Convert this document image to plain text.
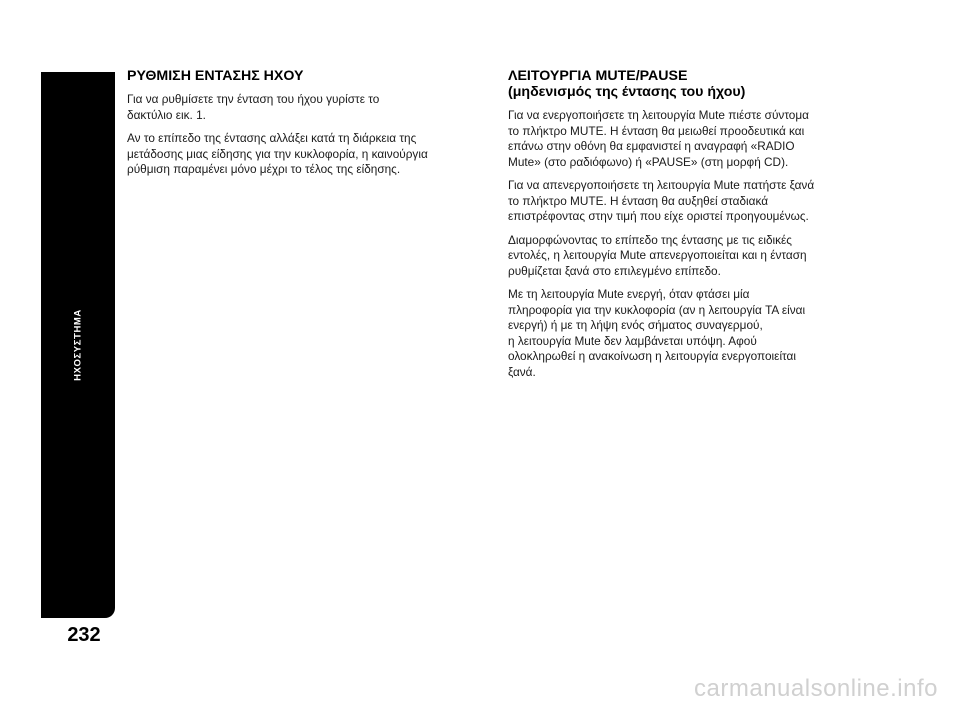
ΗΧΟΣΥΣΤΗΜΑ
232
ΡΥΘΜΙΣΗ ΕΝΤΑΣΗΣ ΗΧΟΥ

Για να ρυθμίσετε την ένταση του ήχου γυρίστε το
δακτύλιο εικ. 1.

Αν το επίπεδο της έντασης αλλάξει κατά τη διάρκεια της
μετάδοσης μιας είδησης για την κυκλοφορία, η καινούργια
ρύθμιση παραμένει μόνο μέχρι το τέλος της είδησης.

ΛΕΙΤΟΥΡΓΙΑ MUTE/PAUSE
(μηδενισμός της έντασης του ήχου)

Για να ενεργοποιήσετε τη λειτουργία Mute πιέστε σύντομα
το πλήκτρο MUTE. Η ένταση θα μειωθεί προοδευτικά και
επάνω στην οθόνη θα εμφανιστεί η αναγραφή «RADIO
Mute» (στο ραδιόφωνο) ή «PAUSE» (στη μορφή CD).

Για να απενεργοποιήσετε τη λειτουργία Mute πατήστε ξανά
το πλήκτρο MUTE. Η ένταση θα αυξηθεί σταδιακά
επιστρέφοντας στην τιμή που είχε οριστεί προηγουμένως.

Διαμορφώνοντας το επίπεδο της έντασης με τις ειδικές
εντολές, η λειτουργία Mute απενεργοποιείται και η ένταση
ρυθμίζεται ξανά στο επιλεγμένο επίπεδο.

Με τη λειτουργία Mute ενεργή, όταν φτάσει μία
πληροφορία για την κυκλοφορία (αν η λειτουργία TA είναι
ενεργή) ή με τη λήψη ενός σήματος συναγερμού,
η λειτουργία Mute δεν λαμβάνεται υπόψη. Αφού
ολοκληρωθεί η ανακοίνωση η λειτουργία ενεργοποιείται
ξανά.

carmanualsonline.info
